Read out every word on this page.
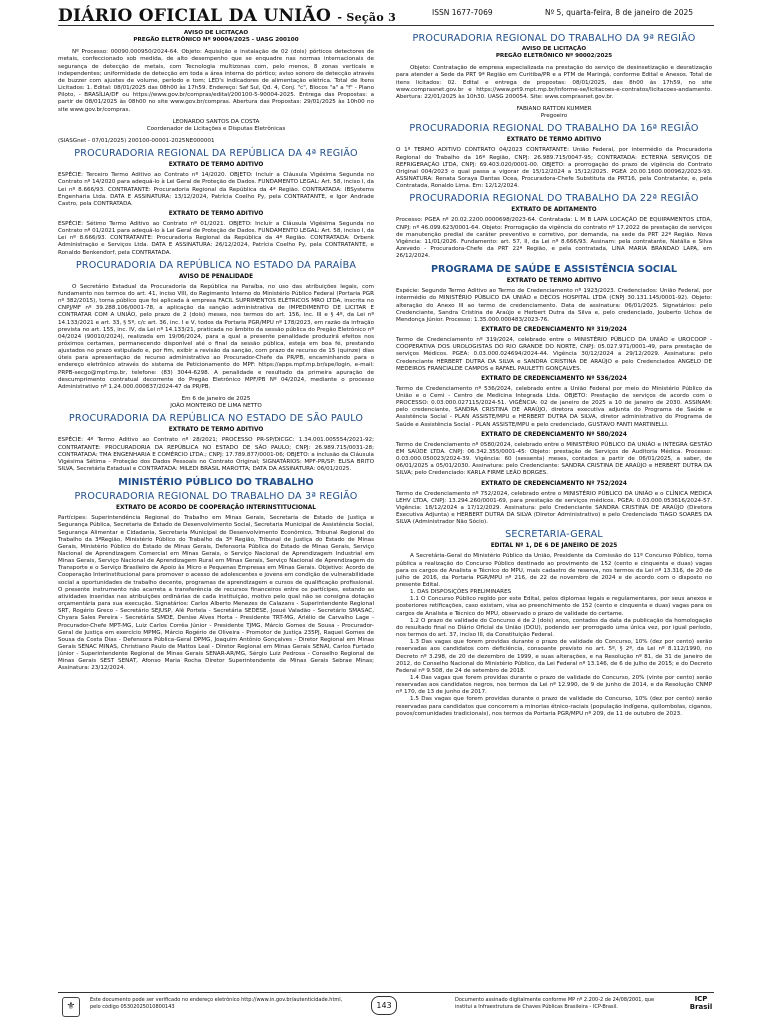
DIÁRIO OFICIAL DA UNIÃO - Seção 3	ISSN 1677-7069	Nº 5, quarta-feira, 8 de janeiro de 2025

AVISO DE LICITAÇÃO

PREGÃO ELETRÔNICO Nº 90004/2025 - UASG 200100

Nº Processo: 00090.000950/2024-64. Objeto: Aquisição e instalação de 02 (dois) pórticos detectores de metais, confeccionado sob medida, de alto desempenho que se enquadre nas normas internacionais de segurança de detecção de metais, com Tecnologia multizonas com, pelo menos, 8 zonas verticais e independentes; uniformidade de detecção em toda a área interna do pórtico; aviso sonoro de detecção através de buzzer com ajustes de volume, período e tom; LED's indicadores de alimentação elétrica. Total de Itens Licitados: 1. Edital: 08/01/2025 das 08h00 às 17h59. Endereço: Saf Sul, Qd. 4, Conj. "c", Blocos "a" a "f" - Plano Piloto, - BRASÍLIA/DF ou https://www.gov.br/compras/edital/200100-5-90004-2025. Entrega das Propostas: a partir de 08/01/2025 às 08h00 no site www.gov.br/compras. Abertura das Propostas: 29/01/2025 às 10h00 no site www.gov.br/compras.

LEONARDO SANTOS DA COSTA

Coordenador de Licitações e Disputas Eletrônicas

(SIASGnet - 07/01/2025) 200100-00001-2025NE000001

PROCURADORIA REGIONAL DA REPÚBLICA DA 4ª REGIÃO

EXTRATO DE TERMO ADITIVO

ESPÉCIE: Terceiro Termo Aditivo ao Contrato nº 14/2020. OBJETO: Incluir a Cláusula Vigésima Segunda no Contrato nº 14/2020 para adequá-lo à Lei Geral de Proteção de Dados. FUNDAMENTO LEGAL: Art. 58, inciso I, da Lei nº 8.666/93. CONTRATANTE: Procuradoria Regional da República da 4ª Região. CONTRATADA: IBSystems Engenharia Ltda. DATA E ASSINATURA: 13/12/2024, Patrícia Coelho Py, pela CONTRATANTE, e Igor Andrade Castro, pela CONTRATADA.

EXTRATO DE TERMO ADITIVO

ESPÉCIE: Sétimo Termo Aditivo ao Contrato nº 01/2021. OBJETO: Incluir a Cláusula Vigésima Segunda no Contrato nº 01/2021 para adequá-lo à Lei Geral de Proteção de Dados. FUNDAMENTO LEGAL: Art. 58, inciso I, da Lei nº 8.666/93. CONTRATANTE: Procuradoria Regional da República da 4ª Região. CONTRATADA: Orbenk Administração e Serviços Ltda. DATA E ASSINATURA: 26/12/2024, Patrícia Coelho Py, pela CONTRATANTE, e Ronaldo Benkendorf, pela CONTRATADA.

PROCURADORIA DA REPÚBLICA NO ESTADO DA PARAÍBA

AVISO DE PENALIDADE

O Secretário Estadual da Procuradoria da República na Paraíba, no uso das atribuições legais, com fundamento nos termos do art. 41, inciso VIII, do Regimento Interno do Ministério Público Federal (Portaria PGR nº 382/2015), torna público que foi aplicada à empresa FACIL SUPRIMENTOS ELÉTRICOS MRO LTDA, inscrita no CNPJ/MF nº 39.288.106/0001-78, a aplicação da sanção administrativa de IMPEDIMENTO DE LICITAR E CONTRATAR COM A UNIÃO, pelo prazo de 2 (dois) meses, nos termos do art. 156, inc. III e § 4º, da Lei nº 14.133/2021 e art. 33, § 5º, c/c art. 36, inc. I e V, todos da Portaria PGR/MPU nº 178/2023, em razão da infração prevista no art. 155, inc. IV, da Lei nº 14.133/21, praticada no âmbito da sessão pública do Pregão Eletrônico nº 04/2024 (90010/2024), realizada em 19/06/2024, para a qual a presente penalidade produzirá efeitos nos próximos certames, permanecendo disponível até o final da sessão pública, esteja em boa fé, prestando ajustados no prazo estipulado e, por fim, exibir a revisão da sanção, com prazo de recurso de 15 (quinze) dias úteis para apresentação de recurso administrativo ao Procurador-Chefe da PR/PB, encaminhando para o endereço eletrônico através do sistema de Peticionamento do MPF: https://apps.mpf.mp.br/spe/login, e-mail: PRPB-secgo@mpf.mp.br, telefone: (83) 3044-6298. A penalidade e resultado da primeira apuração de descumprimento contratual decorrente do Pregão Eletrônico MPF/PB Nº 04/2024, mediante o processo Administrativo nº 1.24.000.000837/2024-47 da PR/PB.

Em 6 de janeiro de 2025

JOÃO MONTEIRO DE LIMA NETTO

PROCURADORIA DA REPÚBLICA NO ESTADO DE SÃO PAULO

EXTRATO DE TERMO ADITIVO

ESPÉCIE: 4º Termo Aditivo ao Contrato nº 28/2021; PROCESSO PR-SP/DICGC: 1.34.001.005554/2021-92; CONTRATANTE: PROCURADORIA DA REPÚBLICA NO ESTADO DE SÃO PAULO; CNPJ: 26.989.715/0031-28; CONTRATADA: TMA ENGENHARIA E COMÉRCIO LTDA.; CNPJ: 17.789.877/0001-06; OBJETO: a inclusão da Cláusula Vigésima Sétima - Proteção dos Dados Pessoais no Contrato Original; SIGNATÁRIOS: MPF-PR/SP: ELISA BRITO SILVA, Secretária Estadual e CONTRATADA: MILEDI BRASIL MAROTTA; DATA DA ASSINATURA: 06/01/2025.

MINISTÉRIO PÚBLICO DO TRABALHO
PROCURADORIA REGIONAL DO TRABALHO DA 3ª REGIÃO

EXTRATO DE ACORDO DE COOPERAÇÃO INTERINSTITUCIONAL

Partícipes: Superintendência Regional do Trabalho em Minas Gerais, Secretaria de Estado de Justiça e Segurança Pública, Secretaria de Estado de Desenvolvimento Social, Secretaria Municipal de Assistência Social, Segurança Alimentar e Cidadania, Secretaria Municipal de Desenvolvimento Econômico, Tribunal Regional do Trabalho da 3ªRegião, Ministério Público do Trabalho da 3ª Região, Tribunal de Justiça do Estado de Minas Gerais, Ministério Público do Estado de Minas Gerais, Defensoria Pública do Estado de Minas Gerais, Serviço Nacional de Aprendizagem Comercial em Minas Gerais, o Serviço Nacional de Aprendizagem Industrial em Minas Gerais, Serviço Nacional de Aprendizagem Rural em Minas Gerais, Serviço Nacional de Aprendizagem do Transporte e o Serviço Brasileiro de Apoio às Micro e Pequenas Empresas em Minas Gerais. Objetivo: Acordo de Cooperação Interinstitucional para promover o acesso de adolescentes e jovens em condição de vulnerabilidade social a oportunidades de trabalho decente, programas de aprendizagem e cursos de qualificação profissional. O presente instrumento não acarreta a transferência de recursos financeiros entre os partícipes, estando as atividades inseridas nas atribuições ordinárias de cada instituição, motivo pelo qual não se consigna dotação orçamentária para sua execução. Signatários: Carlos Alberto Menezes de Calazans - Superintendente Regional SRT, Rogério Greco - Secretário SEJUSP, Alê Portela - Secretária SEDESE, Josué Valadão - Secretário SMASAC, Chyara Sales Pereira - Secretária SMDE, Denise Alves Horta - Presidente TRT-MG, Arlélio de Carvalho Lage - Procurador-Chefe MPT-MG, Luiz Carlos Corrêa Júnior - Presidente TJMG, Márcio Gomes de Sousa - Procurador-Geral de Justiça em exercício MPMG, Márcio Rogério de Oliveira - Promotor de Justiça 235PJ, Raquel Gomes de Sousa da Costa Dias - Defensora Pública-Geral DPMG, Joaquim Antônio Gonçalves - Diretor Regional em Minas Gerais SENAC MINAS, Christiano Paulo de Mattos Leal - Diretor Regional em Minas Gerais SENAI, Carlos Furtado Júnior - Superintendente Regional de Minas Gerais SENAR-AR/MG, Sérgio Luiz Pedrosa - Conselho Regional de Minas Gerais SEST SENAT, Afonso Maria Rocha Diretor Superintendente de Minas Gerais Sebrae Minas; Assinatura: 23/12/2024.

PROCURADORIA REGIONAL DO TRABALHO DA 9ª REGIÃO

AVISO DE LICITAÇÃO

PREGÃO ELETRÔNICO Nº 90002/2025

Objeto: Contratação de empresa especializada na prestação do serviço de desinsetização e desratização para atender a Sede da PRT 9ª Região em Curitiba/PR e a PTM de Maringá, conforme Edital e Anexos. Total de itens licitados: 02. Edital e entrega de propostas: 08/01/2025, das 8h00 às 17h59, no site www.comprasnet.gov.br e https://www.prt9.mpt.mp.br/informe-se/licitacoes-e-contratos/licitacoes-andamento. Abertura: 22/01/2025 às 10h30. UASG 200054. Site: www.comprasnet.gov.br.

FABIANO RATTON KUMMER

Pregoeiro

PROCURADORIA REGIONAL DO TRABALHO DA 16ª REGIÃO

EXTRATO DE TERMO ADITIVO

O 1º TERMO ADITIVO CONTRATO 04/2023 CONTRATANTE: União Federal, por intermédio da Procuradoria Regional do Trabalho da 16ª Região, CNPJ: 26.989.715/0047-95; CONTRATADA: ECTERNA SERVIÇOS DE REFRIGERAÇÃO LTDA, CNPJ: 69.403.020/0001-00. OBJETO: a prorrogação do prazo de vigência do Contrato Original 004/2023 o qual passa a vigorar de 15/12/2024 a 15/12/2025. PGEA 20.00.1600.000962/2023-93. ASSINATURA: Renata Soraya Dantas Ocea, Procuradora-Chefe Substituta da PRT16, pela Contratante, e, pela Contratada, Ronaldo Lima. Em: 12/12/2024.

PROCURADORIA REGIONAL DO TRABALHO DA 22ª REGIÃO

EXTRATO DE ADITAMENTO

Processo: PGEA nº 20.02.2200.0000698/2023-64. Contratada: L M B LAPA LOCAÇÃO DE EQUIPAMENTOS LTDA, CNPJ: nº 46.099.623/0001-64. Objeto: Prorrogação da vigência do contrato nº 17.2022 de prestação de serviços de manutenção predial de caráter preventivo e corretivo, por demanda, na sede da PRT 22ª Região. Nova Vigência: 11/01/2026. Fundamento: art. 57, II, da Lei nº 8.666/93. Assinam: pela contratante, Natália e Silva Azevedo - Procuradora-Chefe da PRT 22ª Região, e pela contratada, LINA MARIA BRANDAO LAPA, em 26/12/2024.

PROGRAMA DE SAÚDE E ASSISTÊNCIA SOCIAL

EXTRATO DE TERMO ADITIVO

Espécie: Segundo Termo Aditivo ao Termo de Credenciamento nº 1923/2023. Credenciados: União Federal, por intermédio do MINISTÉRIO PÚBLICO DA UNIÃO e DECOS HOSPITAL LTDA (CNPJ 30.131.145/0001-92). Objeto: alteração do Anexo III ao termo de credenciamento. Data de assinatura: 06/01/2025. Signatários: pelo Credenciante, Sandra Cristina de Araújo e Herbert Dutra da Silva e, pelo credenciado, Jouberto Uchoa de Mendonça Júnior. Processo: 1.35.000.000483/2023-76.

EXTRATO DE CREDENCIAMENTO Nº 319/2024

Termo de Credenciamento nº 319/2024, celebrado entre o MINISTÉRIO PÚBLICO DA UNIÃO e UROCOOP - COOPERATIVA DOS UROLOGISTAS DO RIO GRANDE DO NORTE, CNPJ: 05.027.971/0001-49, para prestação de serviços Médicos. PGEA: 0.03.000.024694/2024-44. Vigência 30/12/2024 a 29/12/2029. Assinatura: pelo Credenciante HERBERT DUTRA DA SILVA e SANDRA CRISTINA DE ARAÚJO e pelo Credenciados ANGELO DE MEDEIROS FRANCIALDE CAMPOS e RAFAEL PAULETTI GONÇALVES.

EXTRATO DE CREDENCIAMENTO Nº 536/2024

Termo de Credenciamento nº 536/2024, celebrado entre a União Federal por meio do Ministério Público da União e o Cemi - Centro de Medicina Integrada Ltda. OBJETO: Prestação de serviços de acordo com o PROCESSO: 0.03.000.027115/2024-51. VIGÊNCIA: 02 de janeiro de 2025 a 10 de janeiro de 2030. ASSINAM: pelo credenciante, SANDRA CRISTINA DE ARAÚJO, diretora executiva adjunta do Programa de Saúde e Assistência Social - PLAN ASSISTE/MPU e HERBERT DUTRA DA SILVA, diretor administrativo do Programa de Saúde e Assistência Social - PLAN ASSISTE/MPU e pelo credenciado, GUSTAVO FANTI MARTINELLI.

EXTRATO DE CREDENCIAMENTO Nº 580/2024

Termo de Credenciamento nº 0580/2024, celebrado entre o MINISTÉRIO PÚBLICO DA UNIÃO e INTEGRA GESTÃO EM SAÚDE LTDA. CNPJ: 06.342.355/0001-45: Objeto: prestação de Serviços de Auditoria Médica. Processo: 0.03.000.050023/2024-39. Vigência: 60 (sessenta) meses, contados a partir de 06/01/2025, a saber, de 06/01/2025 a 05/01/2030. Assinatura: pelo Credenciante: SANDRA CRISTINA DE ARAÚJO e HERBERT DUTRA DA SILVA; pelo Credenciado: KARLA FIRME LEÃO BORGES.

EXTRATO DE CREDENCIAMENTO Nº 752/2024

Termo de Credenciamento nº 752/2024, celebrado entre o MINISTÉRIO PÚBLICO DA UNIÃO e o CLÍNICA MEDICA LEHV LTDA, CNPJ: 13.294.260/0001-69, para prestação de serviços médicos. PGEA: 0.03.000.053616/2024-57. Vigência: 18/12/2024 a 17/12/2029. Assinatura: pelo Credenciante SANDRA CRISTINA DE ARAÚJO (Diretora Executiva Adjunta) e HERBERT DUTRA DA SILVA (Diretor Administrativo) e pelo Credenciado TIAGO SOARES DA SILVA (Administrador Não Sócio).

SECRETARIA-GERAL

EDITAL Nº 1, DE 6 DE JANEIRO DE 2025

A Secretária-Geral do Ministério Público da União, Presidente da Comissão do 11º Concurso Público, torna pública a realização do Concurso Público destinado ao provimento de 152 (cento e cinquenta e duas) vagas para os cargos de Analista e Técnico do MPU, mais cadastro de reserva, nos termos da Lei nº 13.316, de 20 de julho de 2016, da Portaria PGR/MPU nº 216, de 22 de novembro de 2024 e de acordo com o disposto no presente Edital.

1. DAS DISPOSIÇÕES PRELIMINARES

1.1 O Concurso Público regido por este Edital, pelos diplomas legais e regulamentares, por seus anexos e posteriores retificações, caso existam, visa ao preenchimento de 152 (cento e cinquenta e duas) vagas para os cargos de Analista e Técnico do MPU, observado o prazo de validade do certame.

1.2 O prazo de validade do Concurso é de 2 (dois) anos, contados da data da publicação da homologação do resultado final no Diário Oficial da União (DOU), podendo ser prorrogado uma única vez, por igual período, nos termos do art. 37, inciso III, da Constituição Federal.

1.3 Das vagas que forem providas durante o prazo de validade do Concurso, 10% (dez por cento) serão reservadas aos candidatos com deficiência, consoante previsto no art. 5º, § 2º, da Lei nº 8.112/1990, no Decreto nº 3.298, de 20 de dezembro de 1999, e suas alterações, e na Resolução nº 81, de 31 de janeiro de 2012, do Conselho Nacional do Ministério Público, da Lei Federal nº 13.146, de 6 de julho de 2015; e do Decreto Federal nº 9.508, de 24 de setembro de 2018.

1.4 Das vagas que forem providas durante o prazo de validade do Concurso, 20% (vinte por cento) serão reservadas aos candidatos negros, nos termos da Lei nº 12.990, de 9 de junho de 2014, e da Resolução CNMP nº 170, de 13 de junho de 2017.

1.5 Das vagas que forem providas durante o prazo de validade do Concurso, 10% (dez por cento) serão reservadas para candidatos que concorrem a minorias étnico-raciais (população indígena, quilombolas, ciganos, povos/comunidades tradicionais), nos termos da Portaria PGR/MPU nº 209, de 11 de outubro de 2023.

⚜
Este documento pode ser verificado no endereço eletrônico http://www.in.gov.br/autenticidade.html, pelo código 05302025010800143	143
Documento assinado digitalmente conforme MP nº 2.200-2 de 24/08/2001, que institui a Infraestrutura de Chaves Públicas Brasileira - ICP-Brasil.
ICP Brasil
